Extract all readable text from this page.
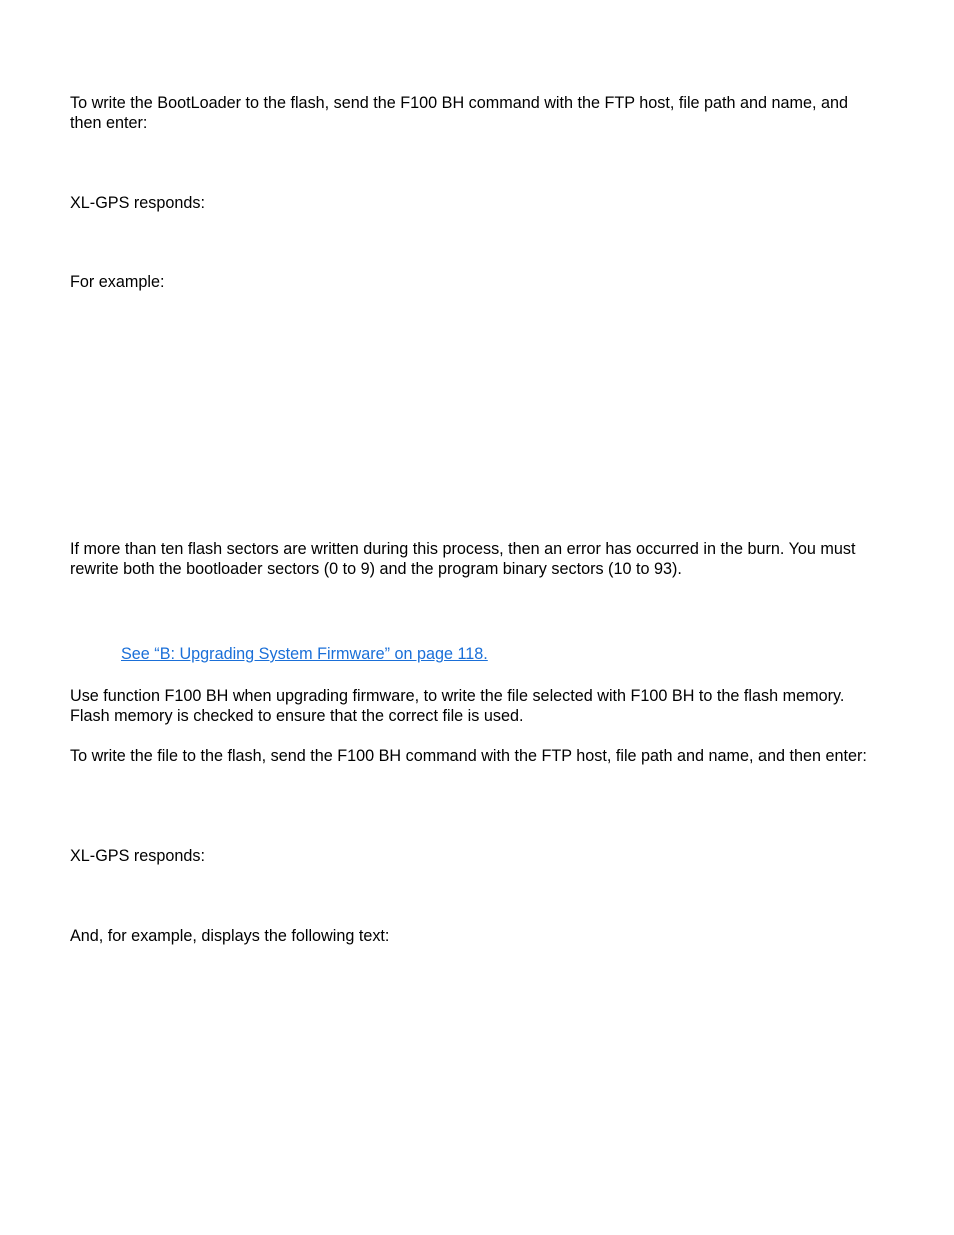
To write the BootLoader to the flash, send the F100 BH command with the FTP host, file path and name, and then enter:

XL-GPS responds:

For example:

If more than ten flash sectors are written during this process, then an error has occurred in the burn. You must rewrite both the bootloader sectors (0 to 9) and the program binary sectors (10 to 93).

See “B: Upgrading System Firmware” on page 118.

Use function F100 BH when upgrading firmware, to write the file selected with F100 BH to the flash memory. Flash memory is checked to ensure that the correct file is used.

To write the file to the flash, send the F100 BH command with the FTP host, file path and name, and then enter:

XL-GPS responds:

And, for example, displays the following text:
